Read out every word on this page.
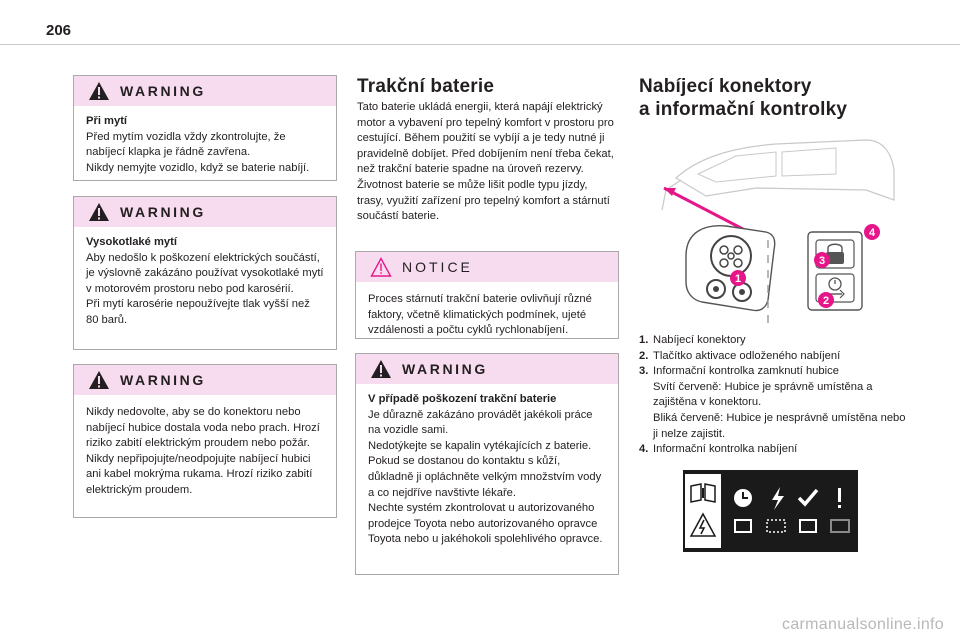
206
WARNING

Při mytí

Před mytím vozidla vždy zkontrolujte, že nabíjecí klapka je řádně zavřena.
Nikdy nemyjte vozidlo, když se baterie nabíjí.

WARNING

Vysokotlaké mytí

Aby nedošlo k poškození elektrických součástí, je výslovně zakázáno používat vysokotlaké mytí v motorovém prostoru nebo pod karosérií.
Při mytí karosérie nepoužívejte tlak vyšší než 80 barů.

WARNING

Nikdy nedovolte, aby se do konektoru nebo nabíjecí hubice dostala voda nebo prach. Hrozí riziko zabití elektrickým proudem nebo požár.
Nikdy nepřipojujte/neodpojujte nabíjecí hubici ani kabel mokrýma rukama. Hrozí riziko zabití elektrickým proudem.

Trakční baterie
Tato baterie ukládá energii, která napájí elektrický motor a vybavení pro tepelný komfort v prostoru pro cestující. Během použití se vybíjí a je tedy nutné ji pravidelně dobíjet. Před dobíjením není třeba čekat, než trakční baterie spadne na úroveň rezervy.
Životnost baterie se může lišit podle typu jízdy, trasy, využití zařízení pro tepelný komfort a stárnutí součástí baterie.
NOTICE

Proces stárnutí trakční baterie ovlivňují různé faktory, včetně klimatických podmínek, ujeté vzdálenosti a počtu cyklů rychlonabíjení.

WARNING

V případě poškození trakční baterie

Je důrazně zakázáno provádět jakékoli práce na vozidle sami.
Nedotýkejte se kapalin vytékajících z baterie. Pokud se dostanou do kontaktu s kůží, důkladně ji opláchněte velkým množstvím vody a co nejdříve navštivte lékaře.
Nechte systém zkontrolovat u autorizovaného prodejce Toyota nebo autorizovaného opravce Toyota nebo u jakéhokoli spolehlivého opravce.

Nabíjecí konektory
a informační kontrolky
1
2
3
4
1. Nabíjecí konektory
2. Tlačítko aktivace odloženého nabíjení
3. Informační kontrolka zamknutí hubice
Svítí červeně: Hubice je správně umístěna a zajištěna v konektoru.
Bliká červeně: Hubice je nesprávně umístěna nebo ji nelze zajistit.
4. Informační kontrolka nabíjení
carmanualsonline.info
